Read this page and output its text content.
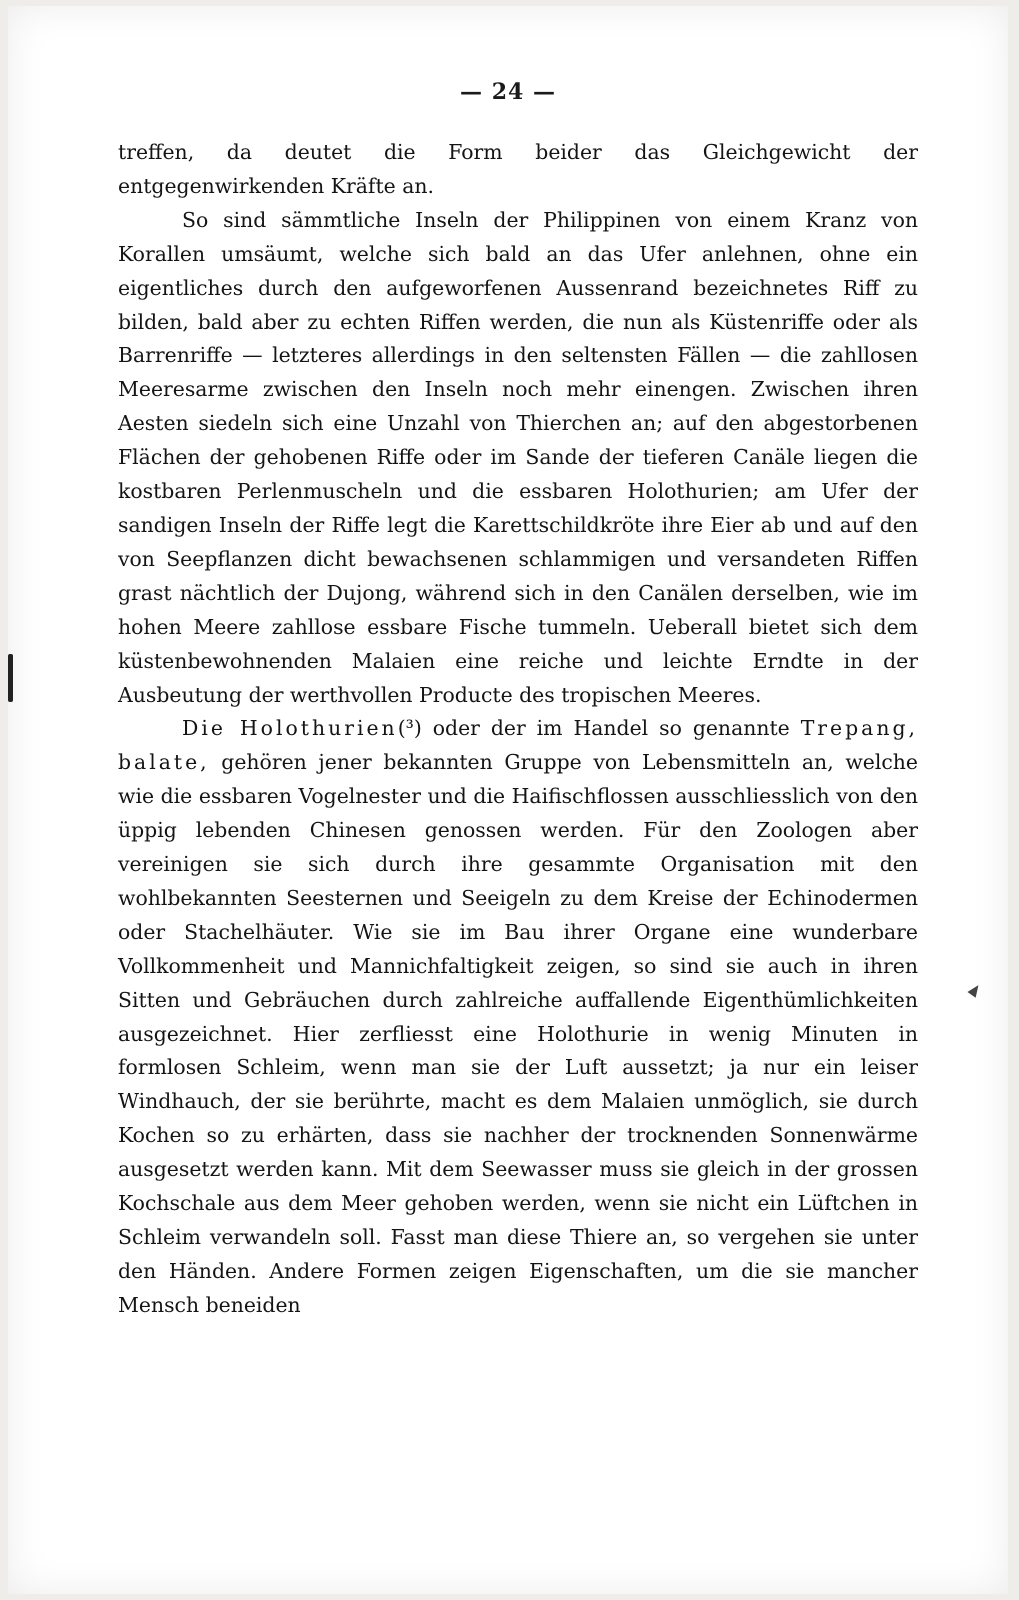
— 24 —

treffen, da deutet die Form beider das Gleichgewicht der entgegenwirkenden Kräfte an.

So sind sämmtliche Inseln der Philippinen von einem Kranz von Korallen umsäumt, welche sich bald an das Ufer anlehnen, ohne ein eigentliches durch den aufgeworfenen Aussenrand bezeichnetes Riff zu bilden, bald aber zu echten Riffen werden, die nun als Küstenriffe oder als Barrenriffe — letzteres allerdings in den seltensten Fällen — die zahllosen Meeresarme zwischen den Inseln noch mehr einengen. Zwischen ihren Aesten siedeln sich eine Unzahl von Thierchen an; auf den abgestorbenen Flächen der gehobenen Riffe oder im Sande der tieferen Canäle liegen die kostbaren Perlenmuscheln und die essbaren Holothurien; am Ufer der sandigen Inseln der Riffe legt die Karettschildkröte ihre Eier ab und auf den von Seepflanzen dicht bewachsenen schlammigen und versandeten Riffen grast nächtlich der Dujong, während sich in den Canälen derselben, wie im hohen Meere zahllose essbare Fische tummeln. Ueberall bietet sich dem küstenbewohnenden Malaien eine reiche und leichte Erndte in der Ausbeutung der werthvollen Producte des tropischen Meeres.

Die Holothurien(³) oder der im Handel so genannte Trepang, balate, gehören jener bekannten Gruppe von Lebensmitteln an, welche wie die essbaren Vogelnester und die Haifischflossen ausschliesslich von den üppig lebenden Chinesen genossen werden. Für den Zoologen aber vereinigen sie sich durch ihre gesammte Organisation mit den wohlbekannten Seesternen und Seeigeln zu dem Kreise der Echinodermen oder Stachelhäuter. Wie sie im Bau ihrer Organe eine wunderbare Vollkommenheit und Mannichfaltigkeit zeigen, so sind sie auch in ihren Sitten und Gebräuchen durch zahlreiche auffallende Eigenthümlichkeiten ausgezeichnet. Hier zerfliesst eine Holothurie in wenig Minuten in formlosen Schleim, wenn man sie der Luft aussetzt; ja nur ein leiser Windhauch, der sie berührte, macht es dem Malaien unmöglich, sie durch Kochen so zu erhärten, dass sie nachher der trocknenden Sonnenwärme ausgesetzt werden kann. Mit dem Seewasser muss sie gleich in der grossen Kochschale aus dem Meer gehoben werden, wenn sie nicht ein Lüftchen in Schleim verwandeln soll. Fasst man diese Thiere an, so vergehen sie unter den Händen. Andere Formen zeigen Eigenschaften, um die sie mancher Mensch beneiden
